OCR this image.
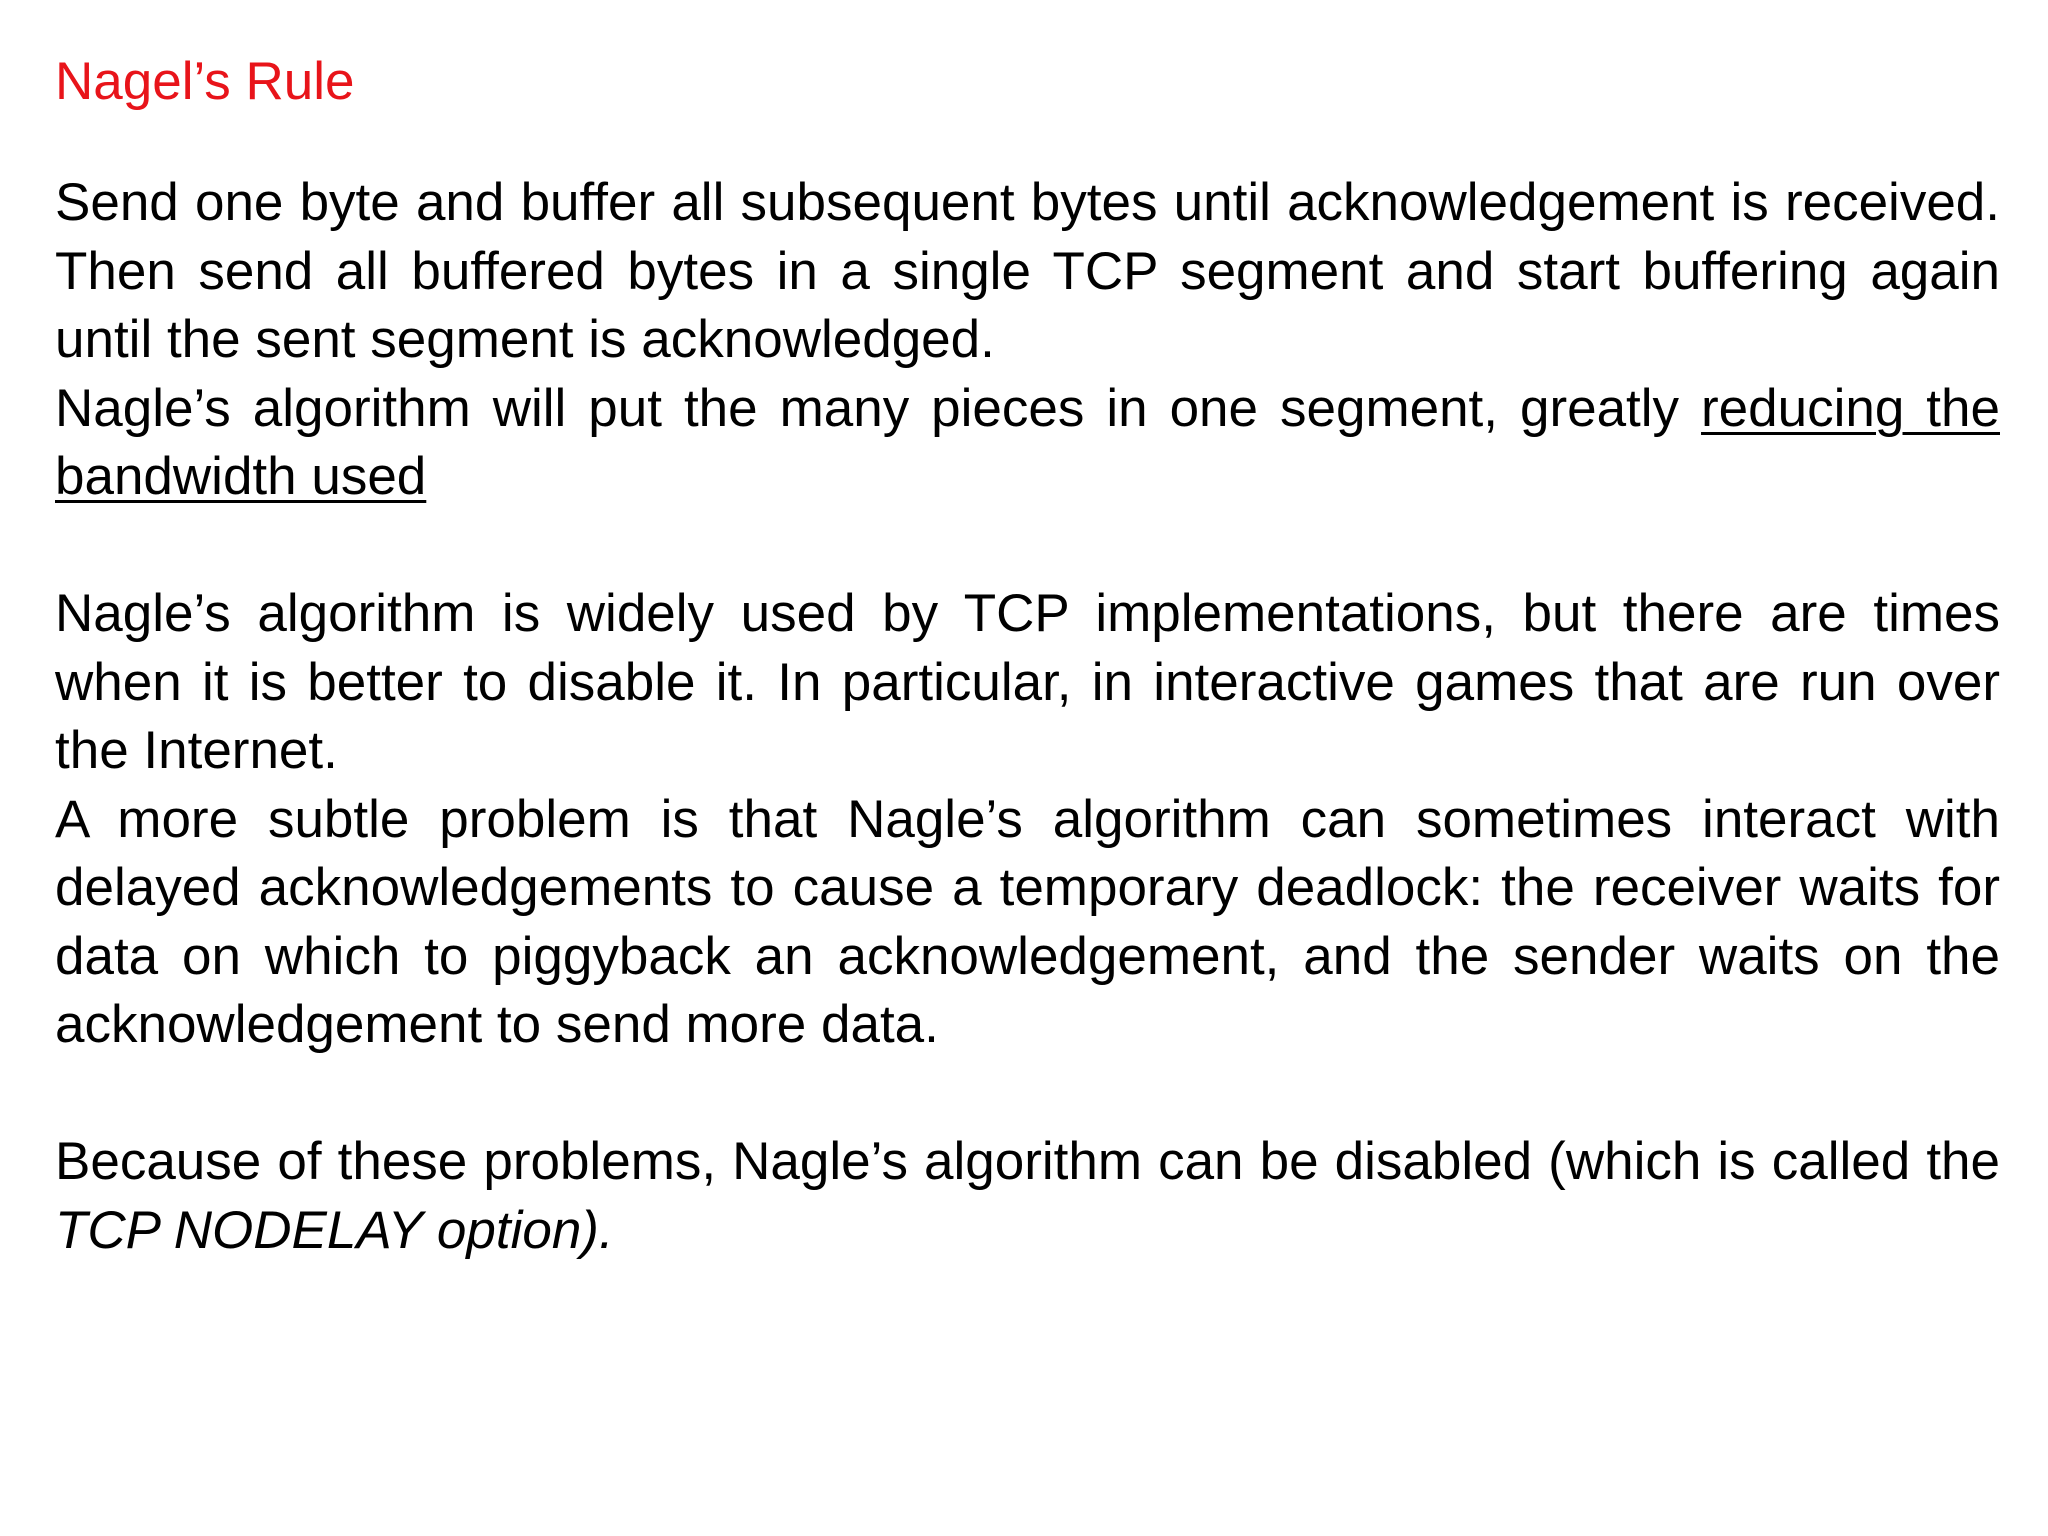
Nagel’s Rule

Send one byte and buffer all subsequent bytes until acknowledgement is received. Then send all buffered bytes in a single TCP segment and start buffering again until the sent segment is acknowledged.

Nagle’s algorithm will put the many pieces in one segment, greatly reducing the bandwidth used

Nagle’s algorithm is widely used by TCP implementations, but there are times when it is better to disable it. In particular, in interactive games that are run over the Internet.

A more subtle problem is that Nagle’s algorithm can sometimes interact with delayed acknowledgements to cause a temporary deadlock: the receiver waits for data on which to piggyback an acknowledgement, and the sender waits on the acknowledgement to send more data.

Because of these problems, Nagle’s algorithm can be disabled (which is called the TCP NODELAY option).
